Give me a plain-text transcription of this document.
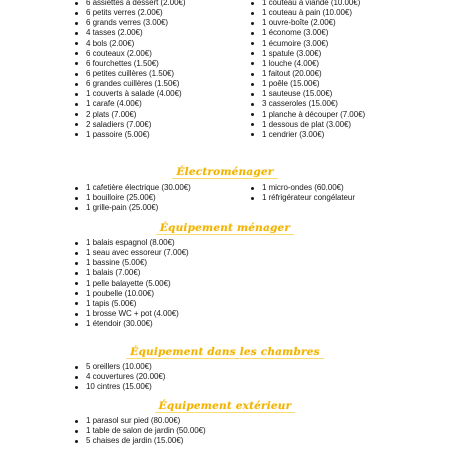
6 assiettes à dessert (2.00€)
6 petits verres (2.00€)
6 grands verres (3.00€)
4 tasses (2.00€)
4 bols (2.00€)
6 couteaux (2.00€)
6 fourchettes (1.50€)
6 petites cuillères (1.50€)
6 grandes cuillères (1.50€)
1 couverts à salade (4.00€)
1 carafe (4.00€)
2 plats (7.00€)
2 saladiers (7.00€)
1 passoire (5.00€)
1 couteau à viande (10.00€)
1 couteau à pain (10.00€)
1 ouvre-boîte (2.00€)
1 économe (3.00€)
1 écumoire (3.00€)
1 spatule (3.00€)
1 louche (4.00€)
1 faitout (20.00€)
1 poêle (15.00€)
1 sauteuse (15.00€)
3 casseroles (15.00€)
1 planche à découper (7.00€)
1 dessous de plat (3.00€)
1 cendrier (3.00€)
Électroménager
1 cafetière électrique (30.00€)
1 bouilloire (25.00€)
1 grille-pain (25.00€)
1 micro-ondes (60.00€)
1 réfrigérateur congélateur
Équipement ménager
1 balais espagnol (8.00€)
1 seau avec essoreur (7.00€)
1 bassine (5.00€)
1 balais (7.00€)
1 pelle balayette (5.00€)
1 poubelle (10.00€)
1 tapis (5.00€)
1 brosse WC + pot (4.00€)
1 étendoir (30.00€)
Équipement dans les chambres
5 oreillers (10.00€)
4 couvertures (20.00€)
10 cintres (15.00€)
Équipement extérieur
1 parasol sur pied (80.00€)
1 table de salon de jardin (50.00€)
5 chaises de jardin (15.00€)
